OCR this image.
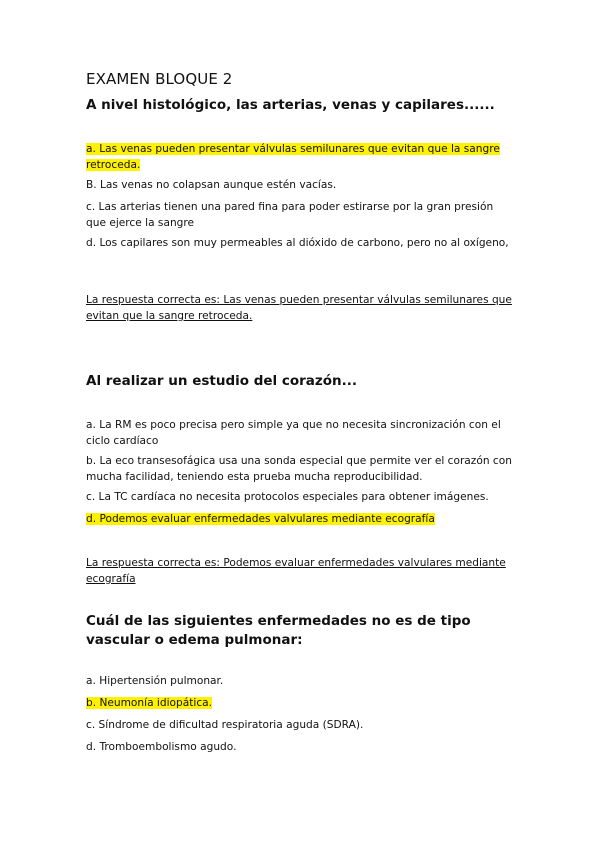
EXAMEN BLOQUE 2
A nivel histológico, las arterias, venas y capilares......

a. Las venas pueden presentar válvulas semilunares que evitan que la sangre retroceda.

B. Las venas no colapsan aunque estén vacías.

c. Las arterias tienen una pared fina para poder estirarse por la gran presión que ejerce la sangre

d. Los capilares son muy permeables al dióxido de carbono, pero no al oxígeno,

La respuesta correcta es: Las venas pueden presentar válvulas semilunares que evitan que la sangre retroceda.

Al realizar un estudio del corazón...

a. La RM es poco precisa pero simple ya que no necesita sincronización con el ciclo cardíaco

b. La eco transesofágica usa una sonda especial que permite ver el corazón con mucha facilidad, teniendo esta prueba mucha reproducibilidad.

c. La TC cardíaca no necesita protocolos especiales para obtener imágenes.

d. Podemos evaluar enfermedades valvulares mediante ecografía

La respuesta correcta es: Podemos evaluar enfermedades valvulares mediante ecografía

Cuál de las siguientes enfermedades no es de tipo vascular o edema pulmonar:

a. Hipertensión pulmonar.

b. Neumonía idiopática.

c. Síndrome de dificultad respiratoria aguda (SDRA).

d. Tromboembolismo agudo.
